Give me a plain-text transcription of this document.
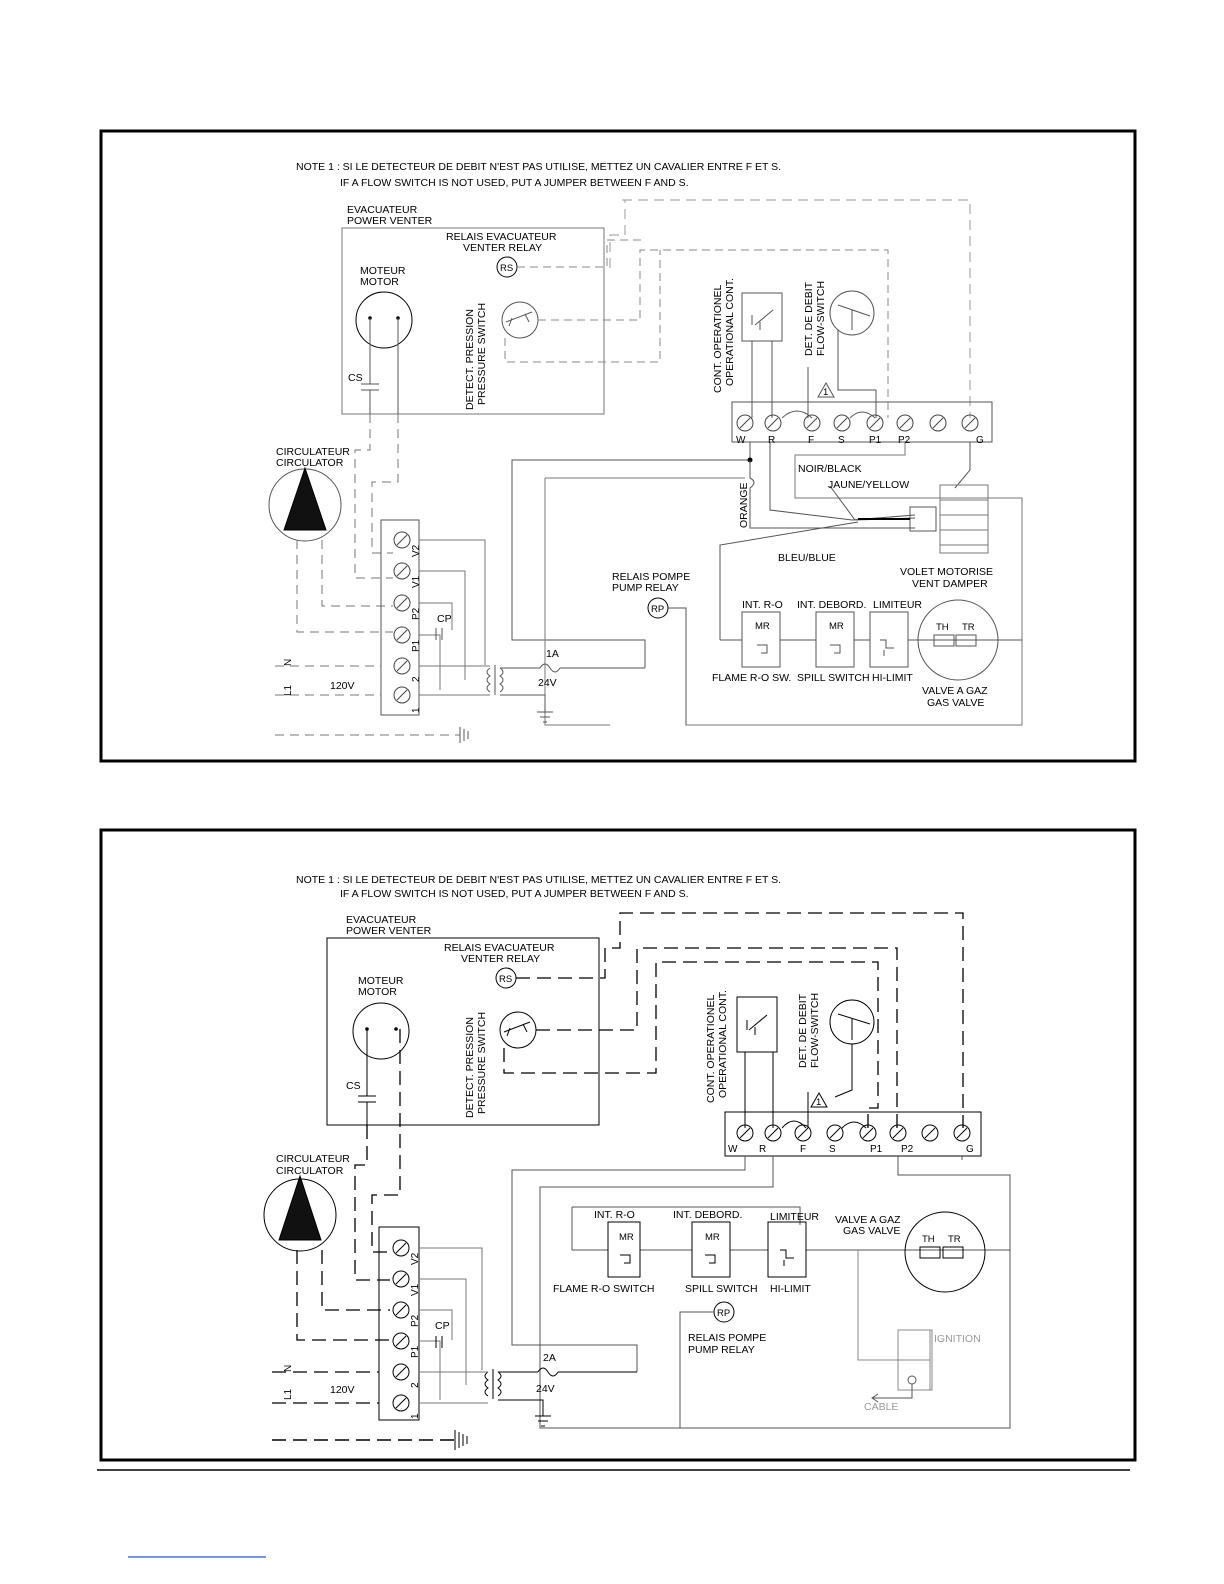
NOTE 1 : SI LE DETECTEUR DE DEBIT N'EST PAS UTILISE, METTEZ UN CAVALIER ENTRE F ET S.
IF A FLOW SWITCH IS NOT USED, PUT A JUMPER BETWEEN F AND S.
EVACUATEUR
POWER VENTER
MOTEUR
MOTOR
CS
RELAIS EVACUATEUR
VENTER RELAY
RS
DETECT. PRESSION PRESSURE SWITCH
CIRCULATEUR
CIRCULATOR
CONT. OPERATIONEL OPERATIONAL CONT.	DET. DE DEBIT FLOW-SWITCH
1
W R	F S P1 P2	G
NOIR/BLACK
JAUNE/YELLOW
ORANGE
BLEU/BLUE
VOLET MOTORISE
VENT DAMPER
RELAIS POMPE
PUMP RELAY
RP	INT. R-O INT. DEBORD. LIMITEUR
MR	MR
FLAME R-O SW. SPILL SWITCH HI-LIMIT
TH TR
VALVE A GAZ
GAS VALVE
V2
V1
P2
P1
2
1
N
L1	120V
CP
1A
24V
NOTE 1 : SI LE DETECTEUR DE DEBIT N'EST PAS UTILISE, METTEZ UN CAVALIER ENTRE F ET S.
IF A FLOW SWITCH IS NOT USED, PUT A JUMPER BETWEEN F AND S.
EVACUATEUR
POWER VENTER
MOTEUR
MOTOR
CS
RELAIS EVACUATEUR
VENTER RELAY
RS
DETECT. PRESSION PRESSURE SWITCH
CIRCULATEUR
CIRCULATOR
CONT. OPERATIONEL OPERATIONAL CONT.	DET. DE DEBIT FLOW-SWITCH
1
W R	F S	P1 P2	G
INT. R-O	INT. DEBORD.	LIMITEUR
MR	MR
FLAME R-O SWITCH	SPILL SWITCH HI-LIMIT
VALVE A GAZ
GAS VALVE
TH TR
RP
RELAIS POMPE
PUMP RELAY
IGNITION
CABLE
V2
V1
P2
P1
2
1
N
L1	120V
CP
2A
24V
